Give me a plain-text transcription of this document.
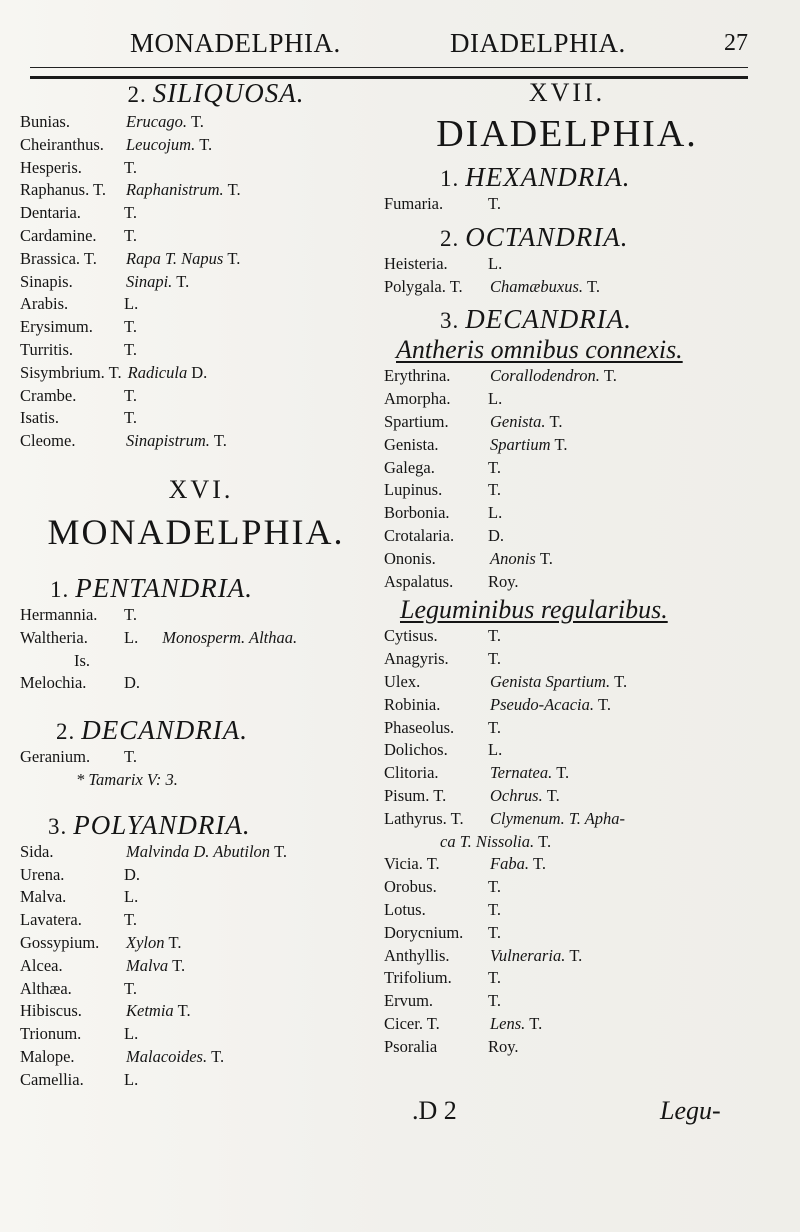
MONADELPHIA.	DIADELPHIA.	27
2. SILIQUOSA.
Bunias.	Erucago. T.
Cheiranthus. Leucojum. T.
Hesperis.	T.
Raphanus. T. Raphanistrum. T.
Dentaria.	T.
Cardamine. T.
Brassica. T. Rapa T. Napus T.
Sinapis.	Sinapi. T.
Arabis.	L.
Erysimum. T.
Turritis.	T.
Sisymbrium. T. Radicula D.
Crambe.	T.
Isatis.	T.
Cleome.	Sinapistrum. T.
XVI.
MONADELPHIA.
1. PENTANDRIA.
Hermannia. T.
Waltheria. L. Monosperm. Althaa.
Is.
Melochia. D.
2. DECANDRIA.
Geranium. T.
* Tamarix V: 3.
3. POLYANDRIA.
Sida.	Malvinda D. Abutilon T.
Urena.	D.
Malva.	L.
Lavatera.	T.
Gossypium. Xylon T.
Alcea.	Malva T.
Althæa.	T.
Hibiscus.	Ketmia T.
Trionum.	L.
Malope.	Malacoides. T.
Camellia. L.
XVII.
DIADELPHIA.
1. HEXANDRIA.
Fumaria.	T.
2. OCTANDRIA.
Heisteria. L.
Polygala. T. Chamæbuxus. T.
3. DECANDRIA.
Antheris omnibus connexis.
Erythrina. Corallodendron. T.
Amorpha. L.
Spartium.	Genista. T.
Genista.	Spartium T.
Galega.	T.
Lupinus.	T.
Borbonia. L.
Crotalaria. D.
Ononis.	Anonis T.
Aspalatus. Roy.
Leguminibus regularibus.
Cytisus.	T.
Anagyris. T.
Ulex.	Genista Spartium. T.
Robinia.	Pseudo-Acacia. T.
Phaseolus. T.
Dolichos. L.
Clitoria.	Ternatea. T.
Pisum. T.	Ochrus. T.
Lathyrus. T. Clymenum. T. Apha-
ca T. Nissolia. T.
Vicia. T.	Faba. T.
Orobus.	T.
Lotus.	T.
Dorycnium. T.
Anthyllis. Vulneraria. T.
Trifolium. T.
Ervum.	T.
Cicer. T.	Lens. T.
Psoralia	Roy.
.D 2	Legu-
